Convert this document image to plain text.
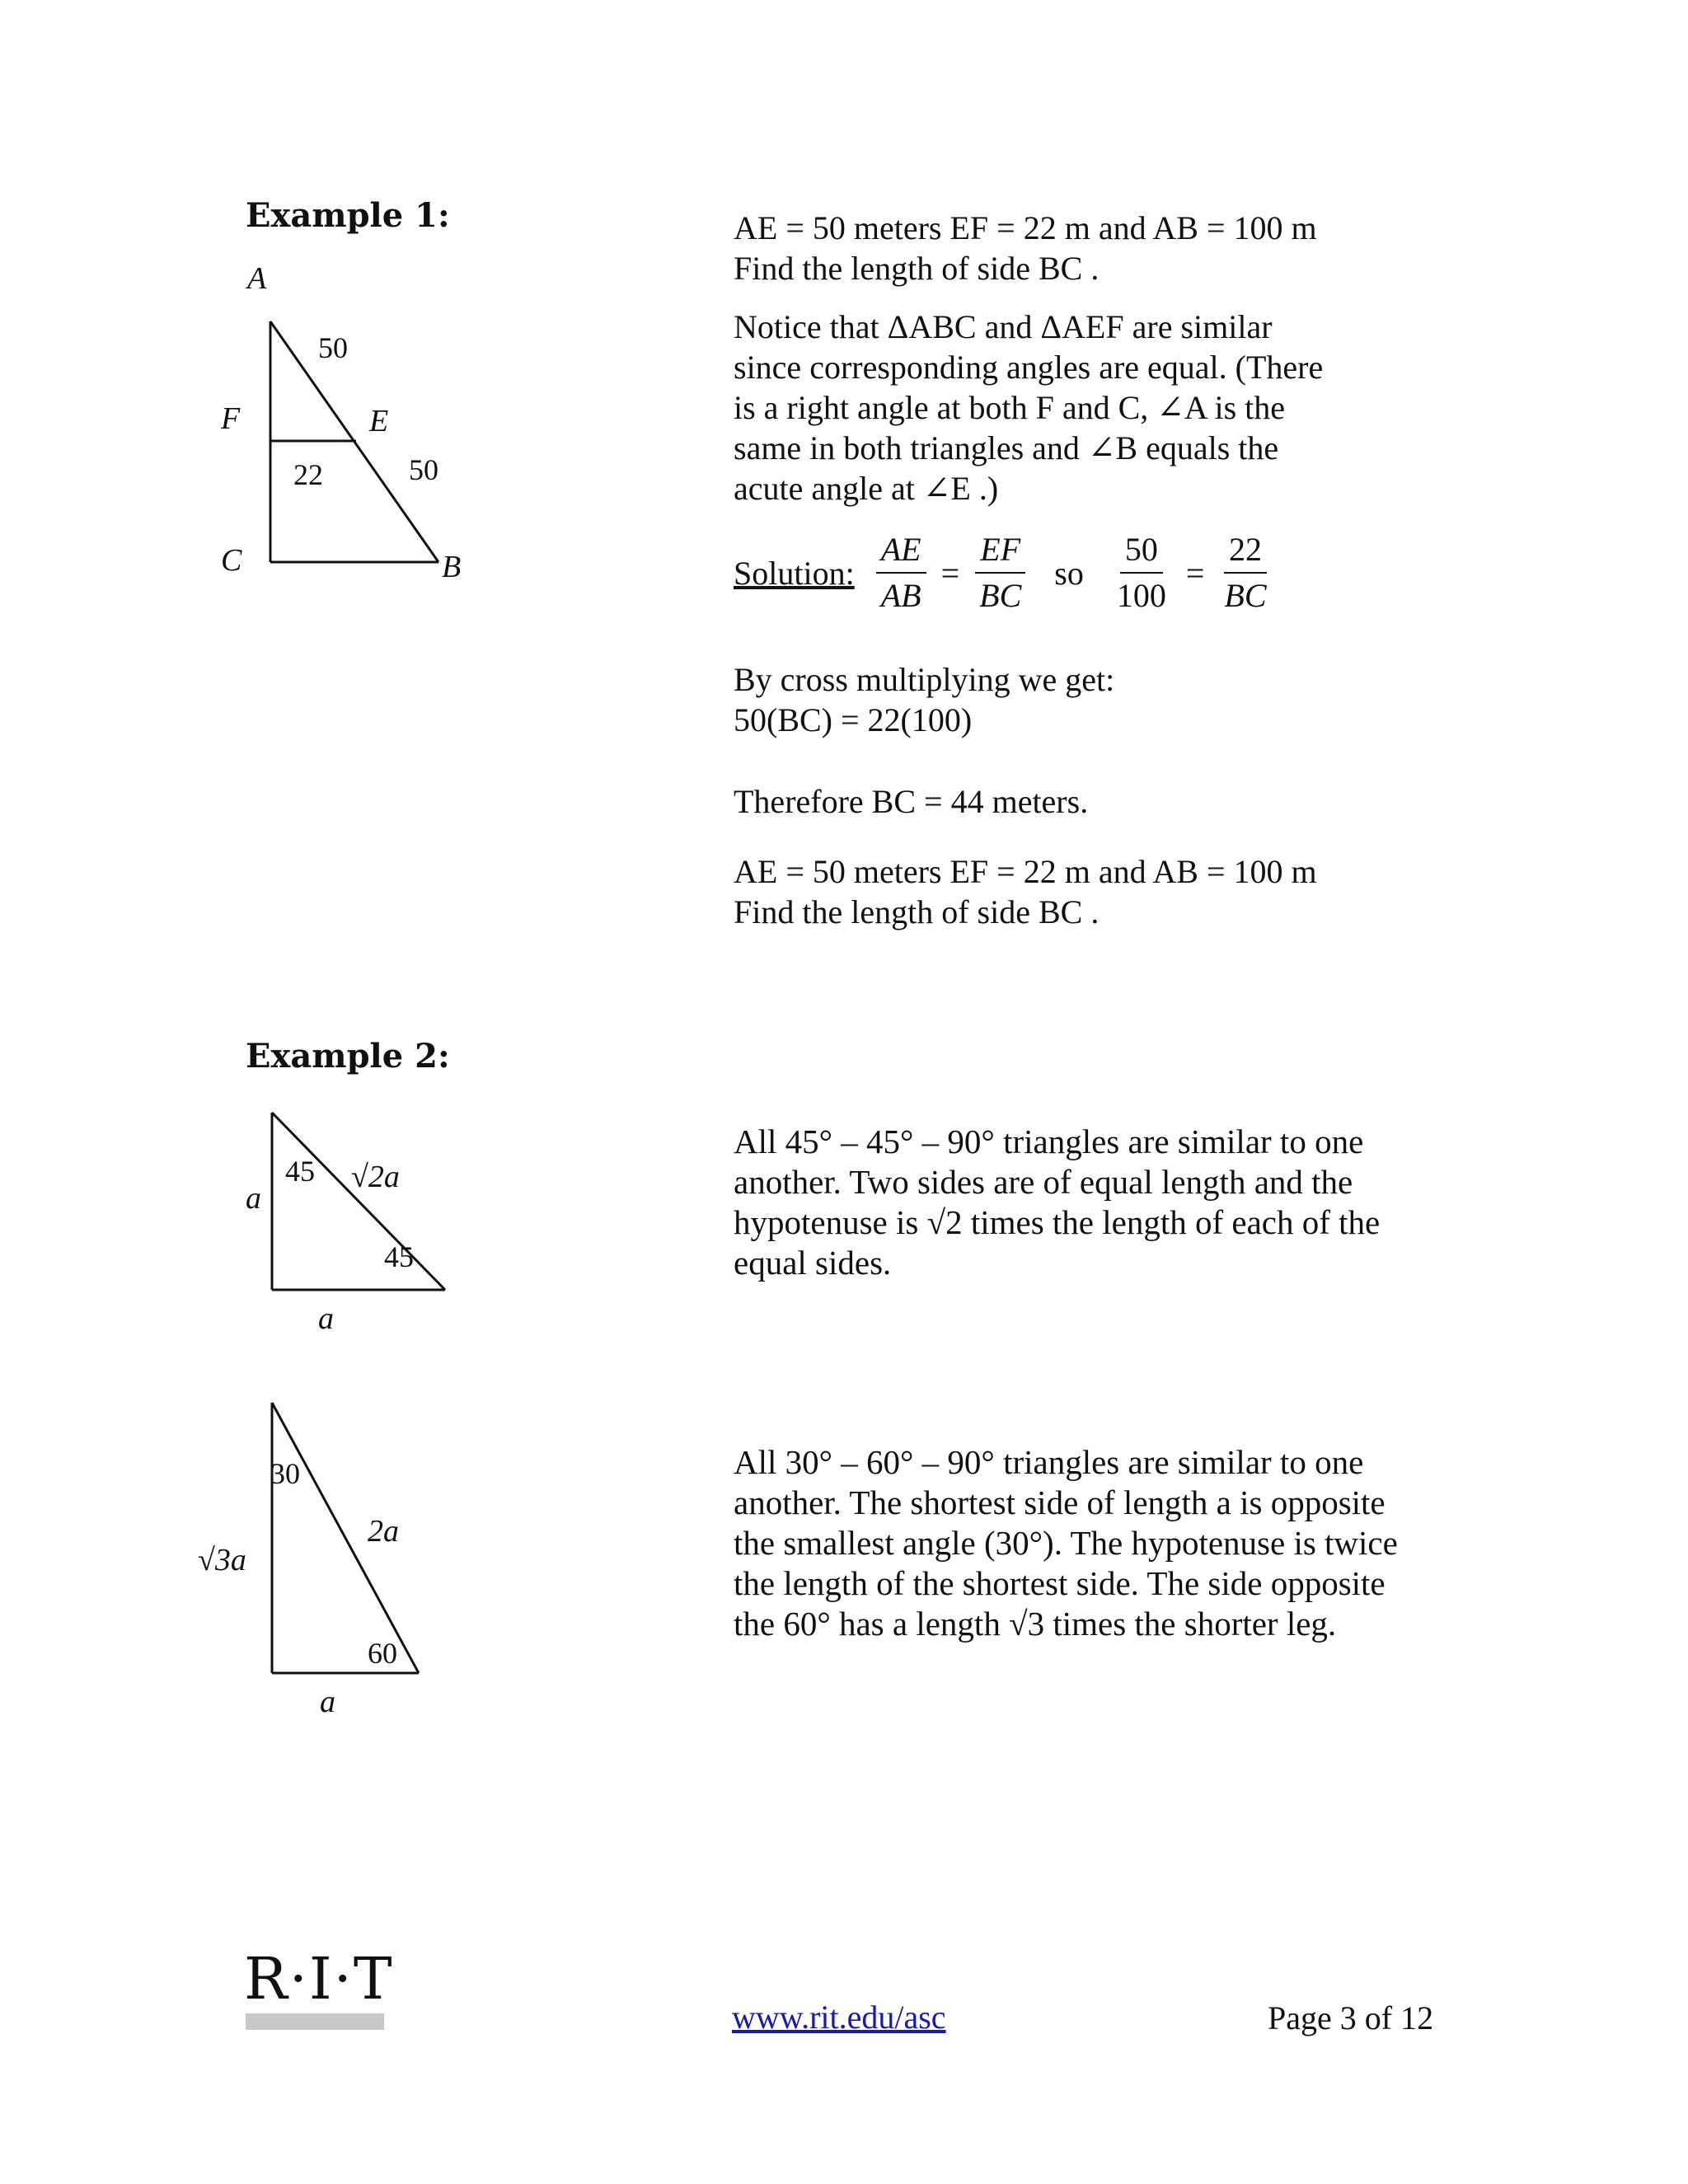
Example 1:
A
F	E
C	B
50
22	50
AE = 50 meters EF = 22 m and AB = 100 m
Find the length of side BC .
Notice that ΔABC and ΔAEF are similar
since corresponding angles are equal. (There
is a right angle at both F and C, ∠A is the
same in both triangles and ∠B equals the
acute angle at ∠E .)
Solution: $\frac{AE}{AB} = \frac{EF}{BC}$ so $\frac{50}{100} = \frac{22}{BC}$
By cross multiplying we get:
50(BC) = 22(100)
Therefore BC = 44 meters.
AE = 50 meters EF = 22 m and AB = 100 m
Find the length of side BC .
Example 2:
45
45
√2a
a
a
All 45° – 45° – 90° triangles are similar to one
another. Two sides are of equal length and the
hypotenuse is √2 times the length of each of the
equal sides.
30
60
2a
√3a
a
All 30° – 60° – 90° triangles are similar to one
another. The shortest side of length a is opposite
the smallest angle (30°). The hypotenuse is twice
the length of the shortest side. The side opposite
the 60° has a length √3 times the shorter leg.
R·I·T
www.rit.edu/asc	Page 3 of 12
